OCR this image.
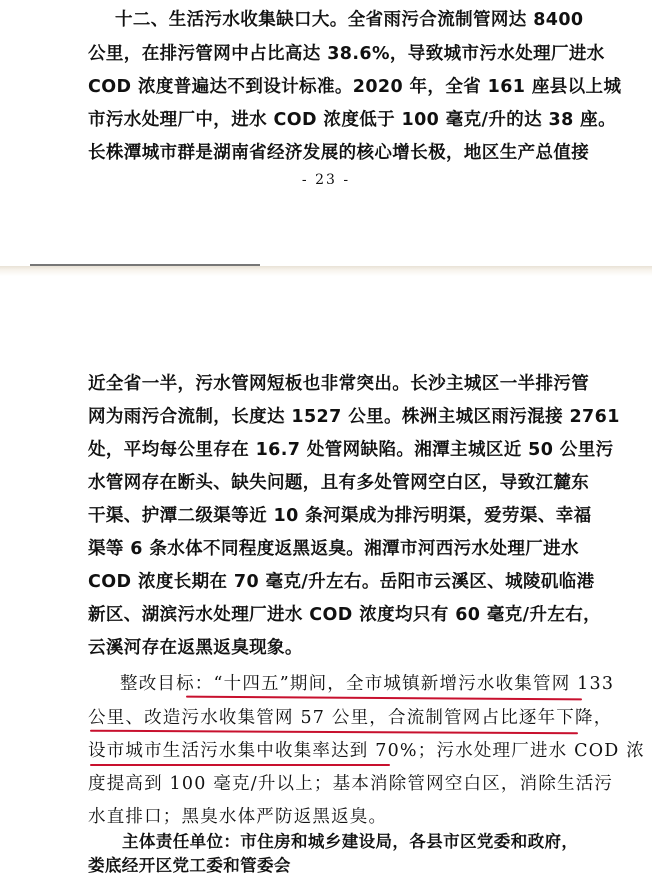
十二、生活污水收集缺口大。全省雨污合流制管网达 8400
公里，在排污管网中占比高达 38.6%，导致城市污水处理厂进水
COD 浓度普遍达不到设计标准。2020 年，全省 161 座县以上城
市污水处理厂中，进水 COD 浓度低于 100 毫克/升的达 38 座。
长株潭城市群是湖南省经济发展的核心增长极，地区生产总值接
- 23 -
近全省一半，污水管网短板也非常突出。长沙主城区一半排污管
网为雨污合流制，长度达 1527 公里。株洲主城区雨污混接 2761
处，平均每公里存在 16.7 处管网缺陷。湘潭主城区近 50 公里污
水管网存在断头、缺失问题，且有多处管网空白区，导致江麓东
干渠、护潭二级渠等近 10 条河渠成为排污明渠，爱劳渠、幸福
渠等 6 条水体不同程度返黑返臭。湘潭市河西污水处理厂进水
COD 浓度长期在 70 毫克/升左右。岳阳市云溪区、城陵矶临港
新区、湖滨污水处理厂进水 COD 浓度均只有 60 毫克/升左右，
云溪河存在返黑返臭现象。
整改目标：“十四五”期间，全市城镇新增污水收集管网 133
公里、改造污水收集管网 57 公里，合流制管网占比逐年下降，
设市城市生活污水集中收集率达到 70%；污水处理厂进水 COD 浓
度提高到 100 毫克/升以上；基本消除管网空白区，消除生活污
水直排口；黑臭水体严防返黑返臭。
主体责任单位：市住房和城乡建设局，各县市区党委和政府，
娄底经开区党工委和管委会
